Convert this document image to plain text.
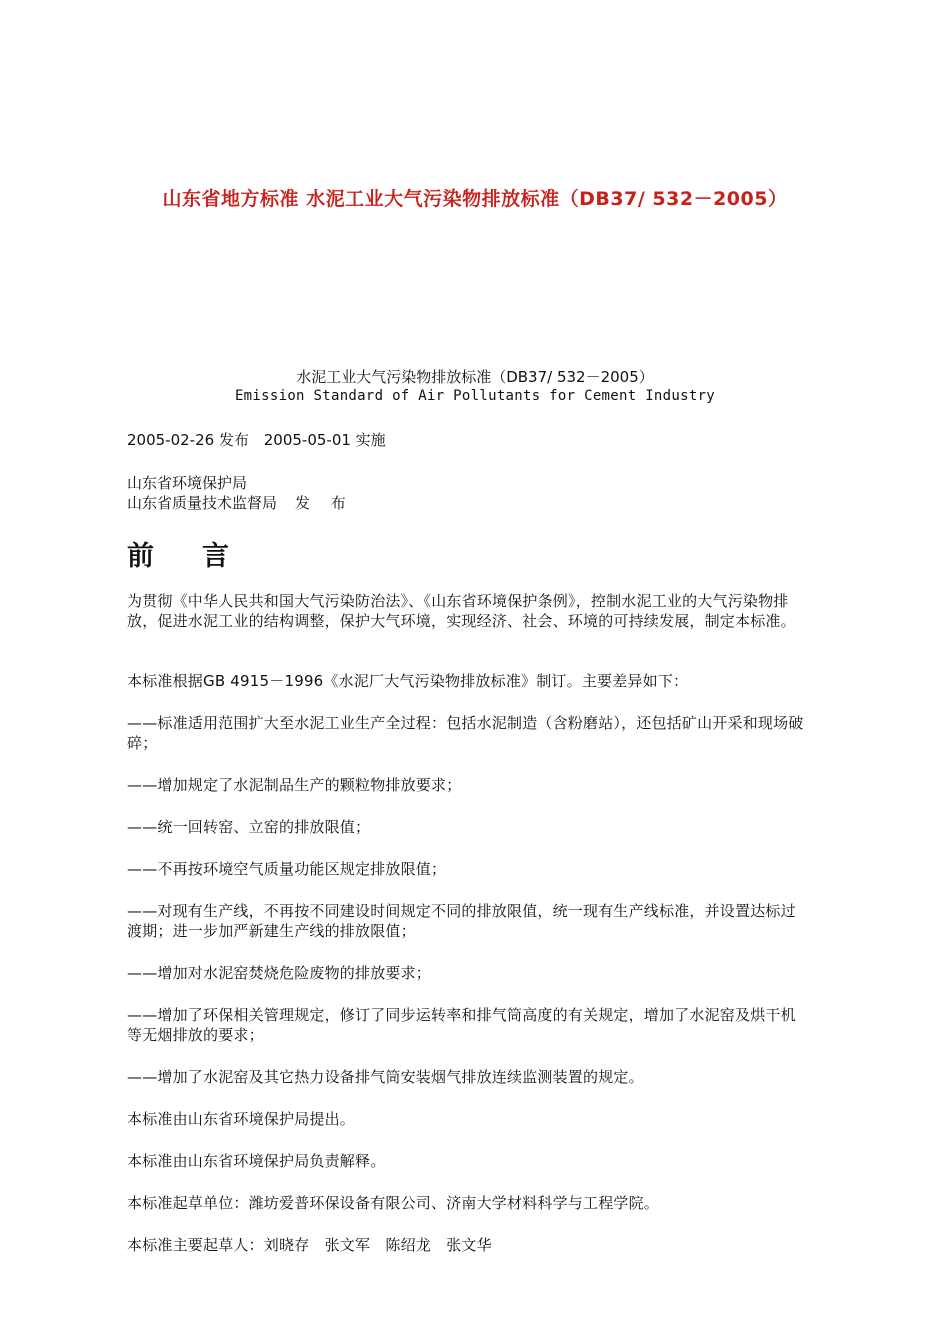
山东省地方标准 水泥工业大气污染物排放标准（DB37/ 532－2005）
水泥工业大气污染物排放标准（DB37/ 532－2005）
Emission Standard of Air Pollutants for Cement Industry
2005-02-26 发布 2005-05-01 实施
山东省环境保护局
山东省质量技术监督局 发 布
前 言
为贯彻《中华人民共和国大气污染防治法》、《山东省环境保护条例》，控制水泥工业的大气污染物排放，促进水泥工业的结构调整，保护大气环境，实现经济、社会、环境的可持续发展，制定本标准。
本标准根据GB 4915－1996《水泥厂大气污染物排放标准》制订。主要差异如下：
——标准适用范围扩大至水泥工业生产全过程：包括水泥制造（含粉磨站），还包括矿山开采和现场破碎；
——增加规定了水泥制品生产的颗粒物排放要求；
——统一回转窑、立窑的排放限值；
——不再按环境空气质量功能区规定排放限值；
——对现有生产线，不再按不同建设时间规定不同的排放限值，统一现有生产线标准，并设置达标过渡期；进一步加严新建生产线的排放限值；
——增加对水泥窑焚烧危险废物的排放要求；
——增加了环保相关管理规定，修订了同步运转率和排气筒高度的有关规定，增加了水泥窑及烘干机等无烟排放的要求；
——增加了水泥窑及其它热力设备排气筒安装烟气排放连续监测装置的规定。
本标准由山东省环境保护局提出。
本标准由山东省环境保护局负责解释。
本标准起草单位：潍坊爱普环保设备有限公司、济南大学材料科学与工程学院。
本标准主要起草人：刘晓存　张文军　陈绍龙　张文华
